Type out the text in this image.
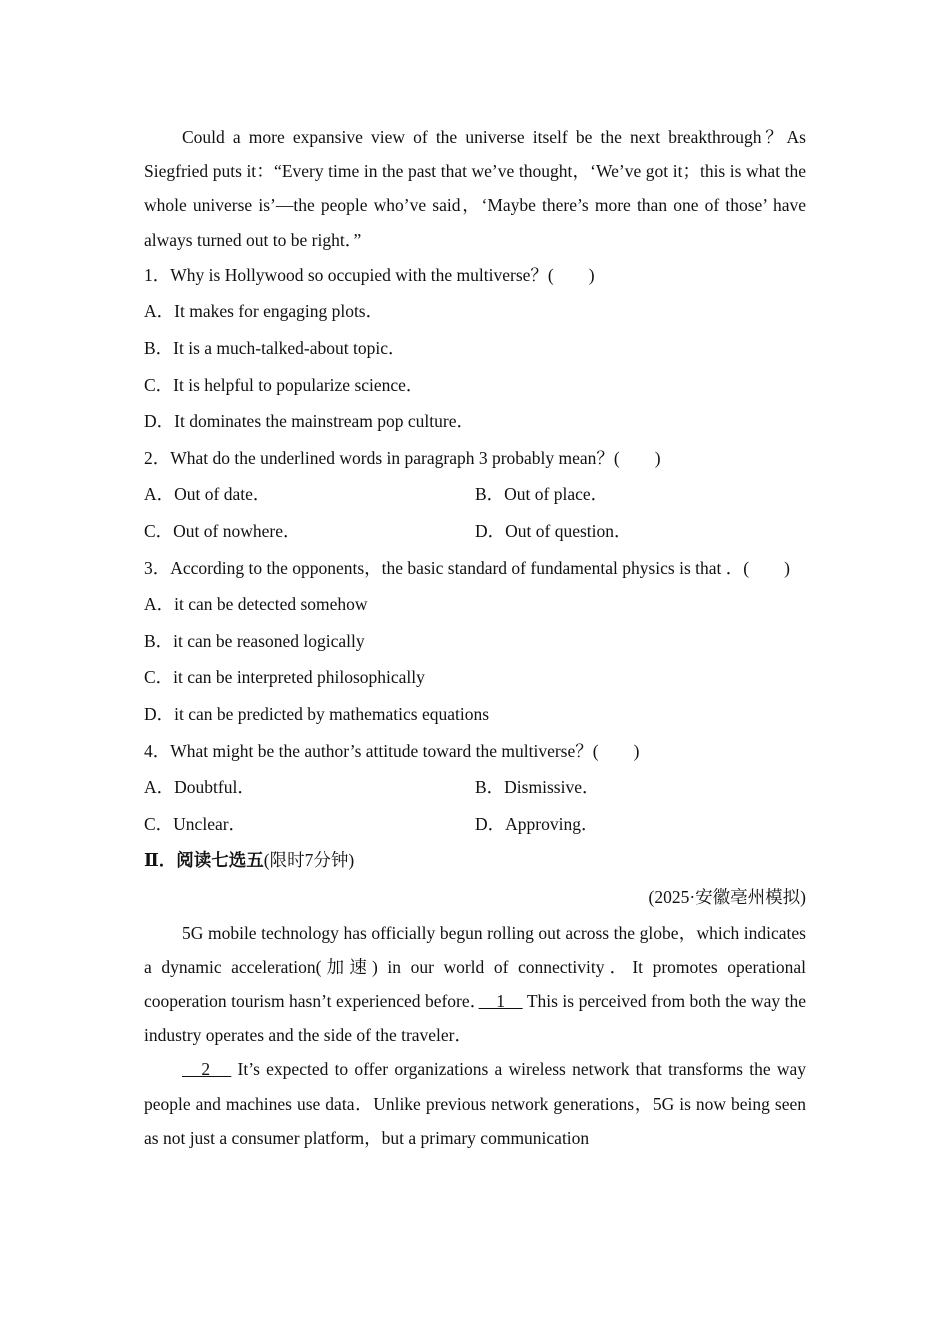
Could a more expansive view of the universe itself be the next breakthrough？As Siegfried puts it：“Every time in the past that we’ve thought，‘We’ve got it；this is what the whole universe is’—the people who’ve said，‘Maybe there’s more than one of those’ have always turned out to be right．”

1．Why is Hollywood so occupied with the multiverse？(　　)

A．It makes for engaging plots．

B．It is a much-talked-about topic．

C．It is helpful to popularize science．

D．It dominates the mainstream pop culture．

2．What do the underlined words in paragraph 3 probably mean？(　　)

A．Out of date．	B．Out of place．
C．Out of nowhere．	D．Out of question．

3．According to the opponents，the basic standard of fundamental physics is that ．(　　)

A．it can be detected somehow

B．it can be reasoned logically

C．it can be interpreted philosophically

D．it can be predicted by mathematics equations

4．What might be the author’s attitude toward the multiverse？(　　)

A．Doubtful．	B．Dismissive．
C．Unclear．	D．Approving．

Ⅱ．阅读七选五(限时7分钟)

(2025·安徽亳州模拟)

5G mobile technology has officially begun rolling out across the globe，which indicates a dynamic acceleration(加速) in our world of connectivity．It promotes operational cooperation tourism hasn’t experienced before．　1　 This is perceived from both the way the industry operates and the side of the traveler．

　2　 It’s expected to offer organizations a wireless network that transforms the way people and machines use data．Unlike previous network generations，5G is now being seen as not just a consumer platform，but a primary communication
